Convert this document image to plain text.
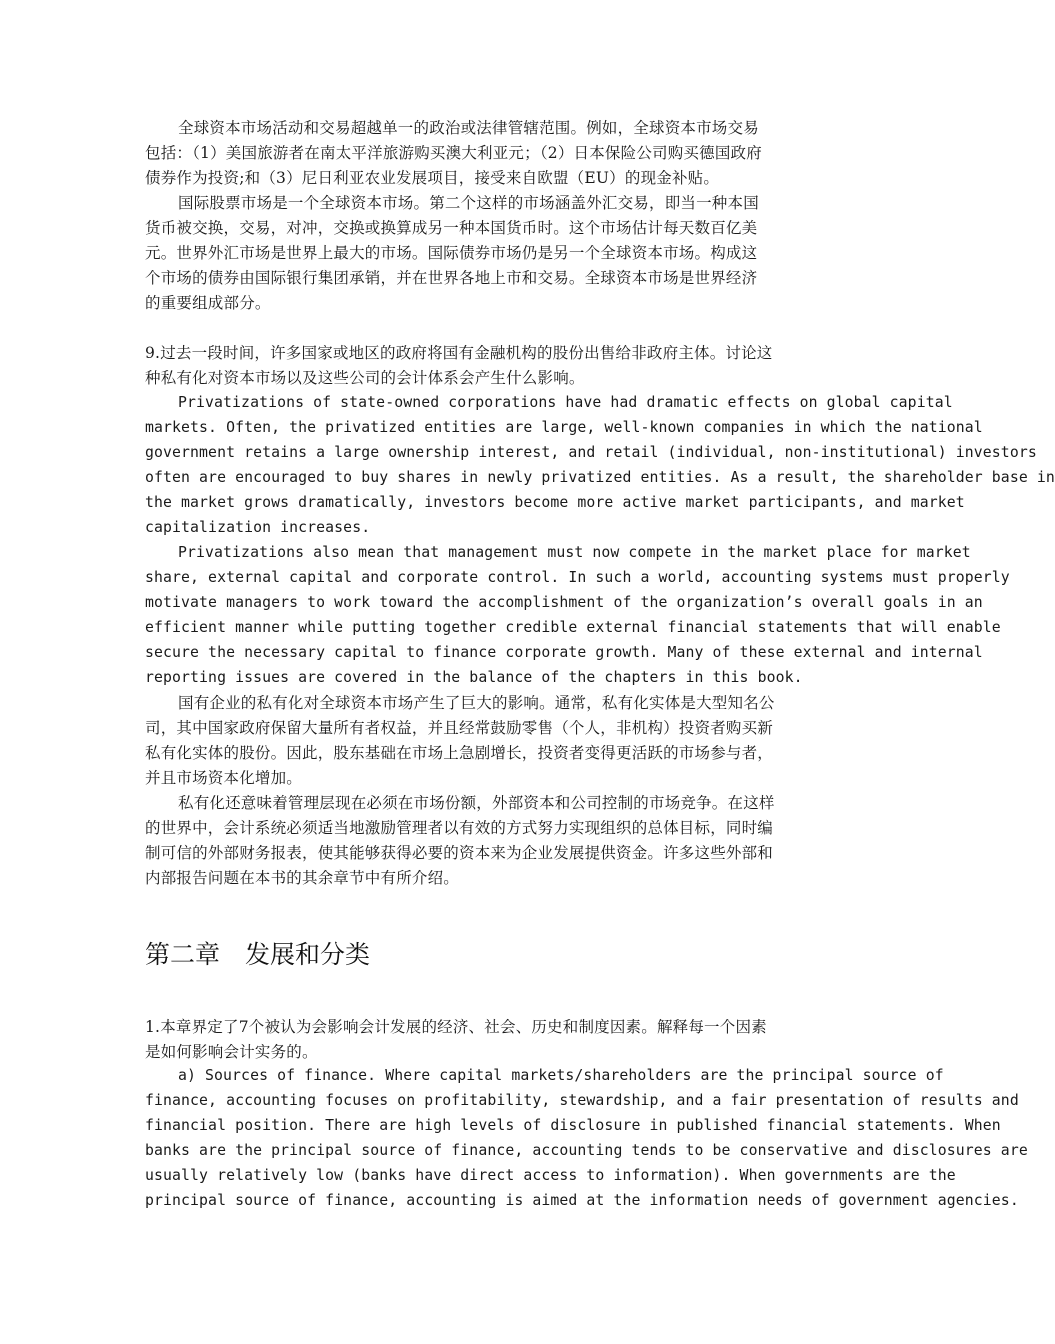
全球资本市场活动和交易超越单一的政治或法律管辖范围。例如，全球资本市场交易
包括：（1）美国旅游者在南太平洋旅游购买澳大利亚元；（2）日本保险公司购买德国政府
债券作为投资;和（3）尼日利亚农业发展项目，接受来自欧盟（EU）的现金补贴。
国际股票市场是一个全球资本市场。第二个这样的市场涵盖外汇交易，即当一种本国
货币被交换，交易，对冲，交换或换算成另一种本国货币时。这个市场估计每天数百亿美
元。世界外汇市场是世界上最大的市场。国际债券市场仍是另一个全球资本市场。构成这
个市场的债券由国际银行集团承销，并在世界各地上市和交易。全球资本市场是世界经济
的重要组成部分。
9.过去一段时间，许多国家或地区的政府将国有金融机构的股份出售给非政府主体。讨论这
种私有化对资本市场以及这些公司的会计体系会产生什么影响。
Privatizations of state-owned corporations have had dramatic effects on global capital
markets. Often, the privatized entities are large, well-known companies in which the national
government retains a large ownership interest, and retail (individual, non-institutional) investors
often are encouraged to buy shares in newly privatized entities. As a result, the shareholder base in
the market grows dramatically, investors become more active market participants, and market
capitalization increases.
Privatizations also mean that management must now compete in the market place for market
share, external capital and corporate control. In such a world, accounting systems must properly
motivate managers to work toward the accomplishment of the organization’s overall goals in an
efficient manner while putting together credible external financial statements that will enable
secure the necessary capital to finance corporate growth. Many of these external and internal
reporting issues are covered in the balance of the chapters in this book.
国有企业的私有化对全球资本市场产生了巨大的影响。通常，私有化实体是大型知名公
司，其中国家政府保留大量所有者权益，并且经常鼓励零售（个人，非机构）投资者购买新
私有化实体的股份。因此，股东基础在市场上急剧增长，投资者变得更活跃的市场参与者，
并且市场资本化增加。
私有化还意味着管理层现在必须在市场份额，外部资本和公司控制的市场竞争。在这样
的世界中，会计系统必须适当地激励管理者以有效的方式努力实现组织的总体目标，同时编
制可信的外部财务报表，使其能够获得必要的资本来为企业发展提供资金。许多这些外部和
内部报告问题在本书的其余章节中有所介绍。
第二章　发展和分类
1.本章界定了7个被认为会影响会计发展的经济、社会、历史和制度因素。解释每一个因素
是如何影响会计实务的。
a) Sources of finance. Where capital markets/shareholders are the principal source of
finance, accounting focuses on profitability, stewardship, and a fair presentation of results and
financial position. There are high levels of disclosure in published financial statements. When
banks are the principal source of finance, accounting tends to be conservative and disclosures are
usually relatively low (banks have direct access to information). When governments are the
principal source of finance, accounting is aimed at the information needs of government agencies.
